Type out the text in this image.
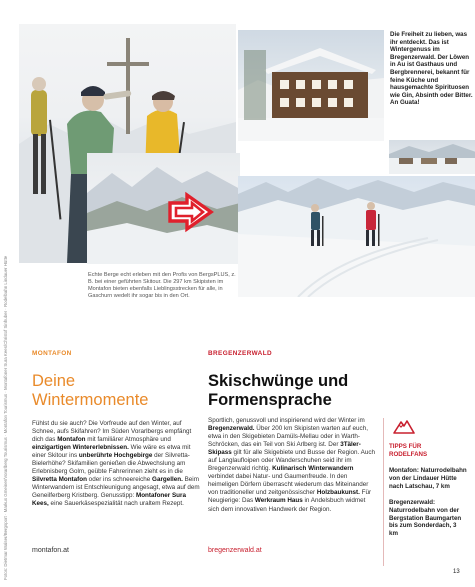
Fotos: Dietmar Walser/Bergsport · Markus Gmeiner/Vorarlberg Tourismus · Montafon Tourismus · Montafoner Sura Kees/Christof Sinhuber · Rodelbahn Lindauer Hütte
Die Freiheit zu lieben, was ihr entdeckt. Das ist Wintergenuss im Bregenzerwald. Der Löwen in Au ist Gasthaus und Bergbrennerei, bekannt für feine Küche und hausgemachte Spirituosen wie Gin, Absinth oder Bitter. An Guata!
Echte Berge echt erleben mit den Profis von BergsPLUS, z. B. bei einer geführten Skitour. Die 297 km Skipisten im Montafon bieten ebenfalls Lieblingsstrecken für alle, in Gaschurn wedelt ihr sogar bis in den Ort.
MONTAFON
Deine
Wintermomente
Fühlst du sie auch? Die Vorfreude auf den Winter, auf Schnee, aufs Skifahren? Im Süden Vorarlbergs empfängt dich das Montafon mit familiärer Atmosphäre und einzigartigen Wintererlebnissen. Wie wäre es etwa mit einer Skitour ins unberührte Hochgebirge der Silvretta-Bielerhöhe? Skifamilien genießen die Abwechslung am Erlebnisberg Golm, geübte Fahrerinnen zieht es in die Silvretta Montafon oder ins schneereiche Gargellen. Beim Winterwandern ist Entschleunigung angesagt, etwa auf dem Geneilferberg Kristberg. Genusstipp: Montafoner Sura Kees, eine Sauerkäsespezialität nach uraltem Rezept.
montafon.at
BREGENZERWALD
Skischwünge und
Formensprache
Sportlich, genussvoll und inspirierend wird der Winter im Bregenzerwald. Über 200 km Skipisten warten auf euch, etwa in den Skigebieten Damüls-Mellau oder in Warth-Schröcken, das ein Teil von Ski Arlberg ist. Der 3Täler-Skipass gilt für alle Skigebiete und Busse der Region. Auch auf Langlaufloipen oder Wanderschuhen seid ihr im Bregenzerwald richtig. Kulinarisch Winterwandern verbindet dabei Natur- und Gaumenfreude. In den heimeligen Dörfern überrascht wiederum das Miteinander von traditioneller und zeitgenössischer Holzbaukunst. Für Neugierige: Das Werkraum Haus in Andelsbuch widmet sich dem innovativen Handwerk der Region.
bregenzerwald.at
TIPPS FÜR
RODELFANS
Montafon: Naturrodelbahn von der Lindauer Hütte nach Latschau, 7 km
Bregenzerwald: Naturrodelbahn von der Bergstation Baumgarten bis zum Sonderdach, 3 km
13
